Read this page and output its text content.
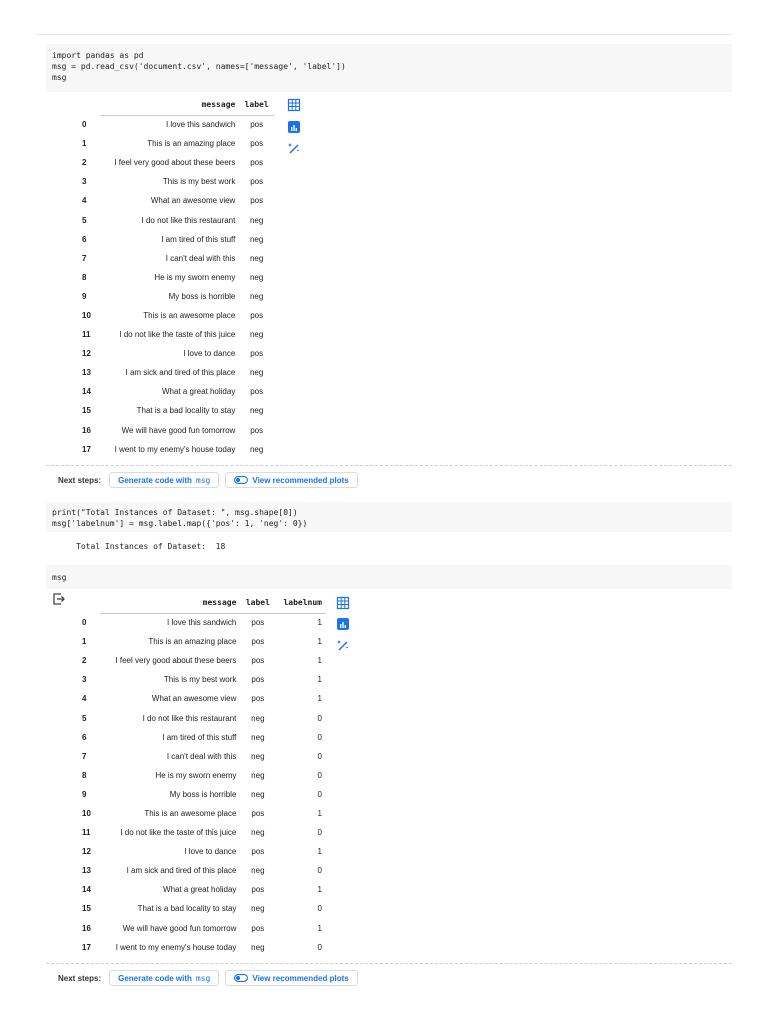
import pandas as pd
msg = pd.read_csv('document.csv', names=['message', 'label'])
msg
	message	label
0	I love this sandwich	pos
1	This is an amazing place	pos
2	I feel very good about these beers	pos
3	This is my best work	pos
4	What an awesome view	pos
5	I do not like this restaurant	neg
6	I am tired of this stuff	neg
7	I can't deal with this	neg
8	He is my sworn enemy	neg
9	My boss is horrible	neg
10	This is an awesome place	pos
11	I do not like the taste of this juice	neg
12	I love to dance	pos
13	I am sick and tired of this place	neg
14	What a great holiday	pos
15	That is a bad locality to stay	neg
16	We will have good fun tomorrow	pos
17	I went to my enemy's house today	neg
Next steps: Generate code with msg	View recommended plots
print("Total Instances of Dataset: ", msg.shape[0])
msg['labelnum'] = msg.label.map({'pos': 1, 'neg': 0})
Total Instances of Dataset:  18
msg
	message	label	labelnum
0	I love this sandwich	pos	1
1	This is an amazing place	pos	1
2	I feel very good about these beers	pos	1
3	This is my best work	pos	1
4	What an awesome view	pos	1
5	I do not like this restaurant	neg	0
6	I am tired of this stuff	neg	0
7	I can't deal with this	neg	0
8	He is my sworn enemy	neg	0
9	My boss is horrible	neg	0
10	This is an awesome place	pos	1
11	I do not like the taste of this juice	neg	0
12	I love to dance	pos	1
13	I am sick and tired of this place	neg	0
14	What a great holiday	pos	1
15	That is a bad locality to stay	neg	0
16	We will have good fun tomorrow	pos	1
17	I went to my enemy's house today	neg	0
Next steps: Generate code with msg	View recommended plots
